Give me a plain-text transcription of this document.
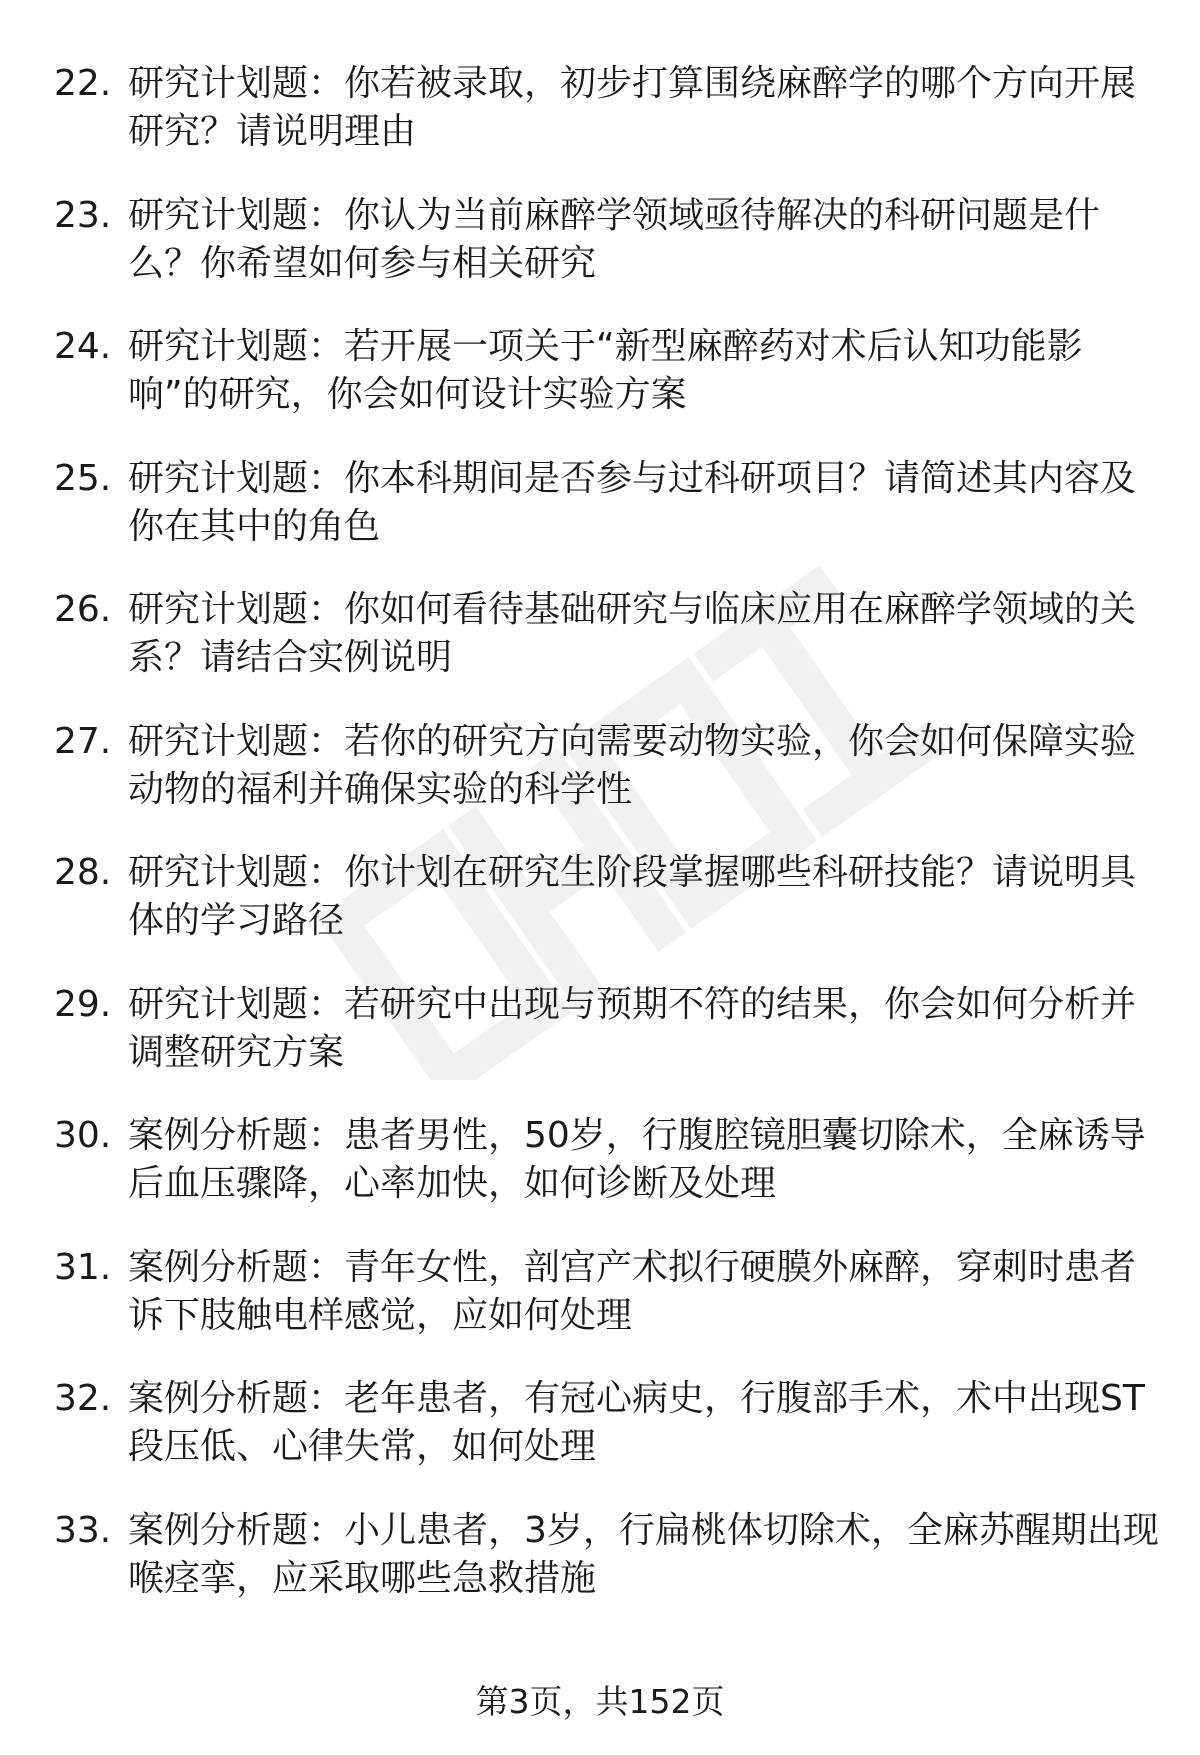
22. 研究计划题：你若被录取，初步打算围绕麻醉学的哪个方向开展研究？请说明理由
23. 研究计划题：你认为当前麻醉学领域亟待解决的科研问题是什么？你希望如何参与相关研究
24. 研究计划题：若开展一项关于“新型麻醉药对术后认知功能影响”的研究，你会如何设计实验方案
25. 研究计划题：你本科期间是否参与过科研项目？请简述其内容及你在其中的角色
26. 研究计划题：你如何看待基础研究与临床应用在麻醉学领域的关系？请结合实例说明
27. 研究计划题：若你的研究方向需要动物实验，你会如何保障实验动物的福利并确保实验的科学性
28. 研究计划题：你计划在研究生阶段掌握哪些科研技能？请说明具体的学习路径
29. 研究计划题：若研究中出现与预期不符的结果，你会如何分析并调整研究方案
30. 案例分析题：患者男性，50岁，行腹腔镜胆囊切除术，全麻诱导后血压骤降，心率加快，如何诊断及处理
31. 案例分析题：青年女性，剖宫产术拟行硬膜外麻醉，穿刺时患者诉下肢触电样感觉，应如何处理
32. 案例分析题：老年患者，有冠心病史，行腹部手术，术中出现ST段压低、心律失常，如何处理
33. 案例分析题：小儿患者，3岁，行扁桃体切除术，全麻苏醒期出现喉痉挛，应采取哪些急救措施
第3页，共152页
